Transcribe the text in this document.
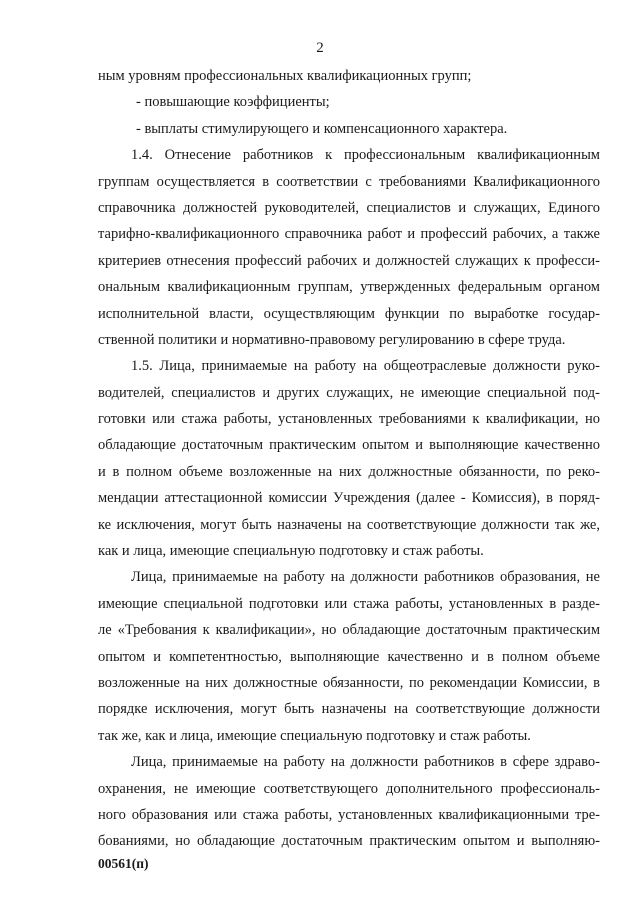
2
ным уровням профессиональных квалификационных групп;
- повышающие коэффициенты;
- выплаты стимулирующего и компенсационного характера.
1.4. Отнесение работников к профессиональным квалификационным
группам осуществляется в соответствии с требованиями Квалификационного
справочника должностей руководителей, специалистов и служащих, Единого
тарифно-квалификационного справочника работ и профессий рабочих, а также
критериев отнесения профессий рабочих и должностей служащих к професси-
ональным квалификационным группам, утвержденных федеральным органом
исполнительной власти, осуществляющим функции по выработке государ-
ственной политики и нормативно-правовому регулированию в сфере труда.
1.5. Лица, принимаемые на работу на общеотраслевые должности руко-
водителей, специалистов и других служащих, не имеющие специальной под-
готовки или стажа работы, установленных требованиями к квалификации, но
обладающие достаточным практическим опытом и выполняющие качественно
и в полном объеме возложенные на них должностные обязанности, по реко-
мендации аттестационной комиссии Учреждения (далее - Комиссия), в поряд-
ке исключения, могут быть назначены на соответствующие должности так же,
как и лица, имеющие специальную подготовку и стаж работы.
Лица, принимаемые на работу на должности работников образования, не
имеющие специальной подготовки или стажа работы, установленных в разде-
ле «Требования к квалификации», но обладающие достаточным практическим
опытом и компетентностью, выполняющие качественно и в полном объеме
возложенные на них должностные обязанности, по рекомендации Комиссии, в
порядке исключения, могут быть назначены на соответствующие должности
так же, как и лица, имеющие специальную подготовку и стаж работы.
Лица, принимаемые на работу на должности работников в сфере здраво-
охранения, не имеющие соответствующего дополнительного профессиональ-
ного образования или стажа работы, установленных квалификационными тре-
бованиями, но обладающие достаточным практическим опытом и выполняю-
00561(п)
